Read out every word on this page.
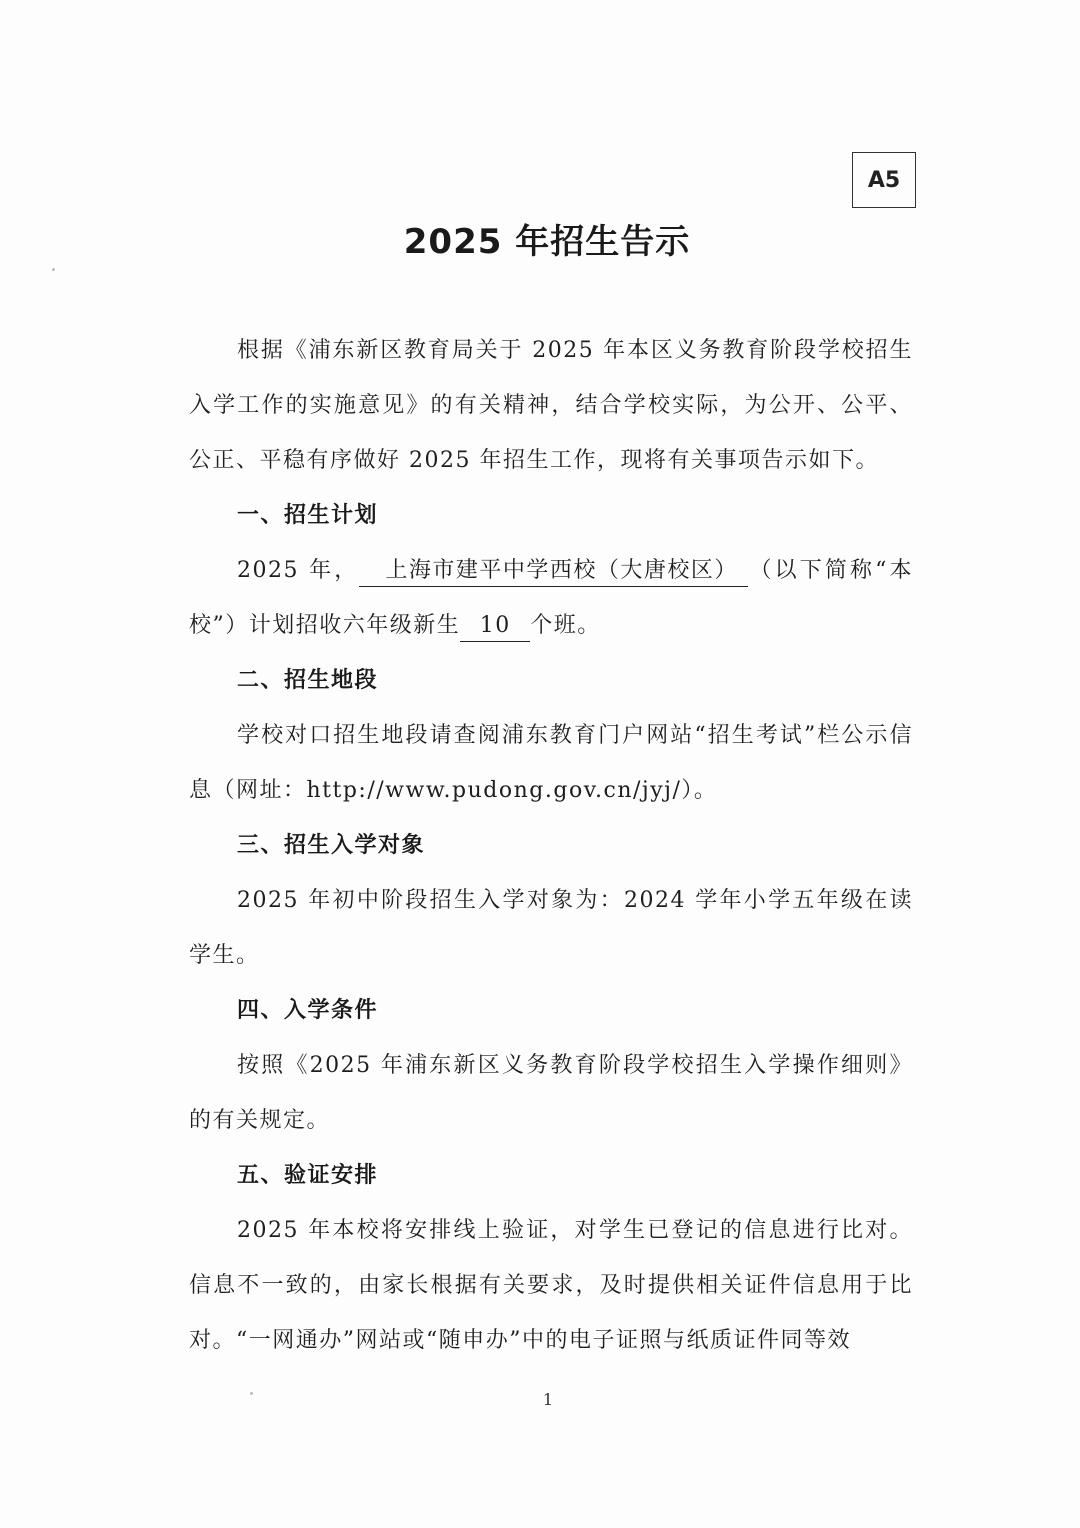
A5
2025 年招生告示

根据《浦东新区教育局关于 2025 年本区义务教育阶段学校招生入学工作的实施意见》的有关精神，结合学校实际，为公开、公平、公正、平稳有序做好 2025 年招生工作，现将有关事项告示如下。

一、招生计划

2025 年， 上海市建平中学西校（大唐校区） （以下简称“本校”）计划招收六年级新生 10 个班。

二、招生地段

学校对口招生地段请查阅浦东教育门户网站“招生考试”栏公示信息（网址：http://www.pudong.gov.cn/jyj/）。

三、招生入学对象

2025 年初中阶段招生入学对象为：2024 学年小学五年级在读学生。

四、入学条件

按照《2025 年浦东新区义务教育阶段学校招生入学操作细则》的有关规定。

五、验证安排

2025 年本校将安排线上验证，对学生已登记的信息进行比对。信息不一致的，由家长根据有关要求，及时提供相关证件信息用于比对。“一网通办”网站或“随申办”中的电子证照与纸质证件同等效

1
